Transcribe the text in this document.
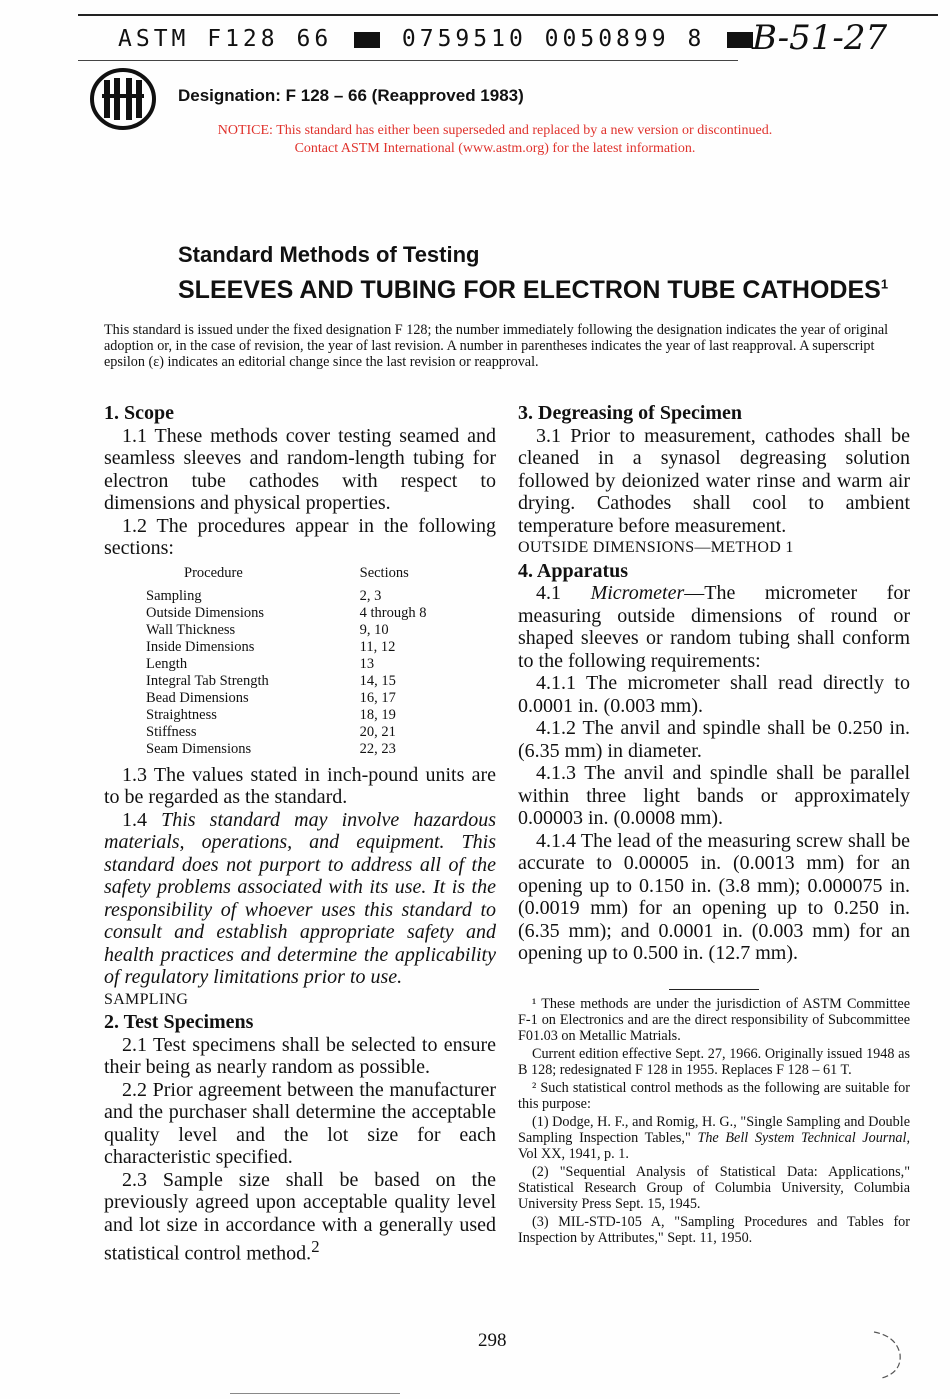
ASTM F128 66	0759510 0050899 8	B-51-27
Designation: F 128 – 66 (Reapproved 1983)
NOTICE: This standard has either been superseded and replaced by a new version or discontinued.
Contact ASTM International (www.astm.org) for the latest information.
Standard Methods of Testing
SLEEVES AND TUBING FOR ELECTRON TUBE CATHODES$^1$
This standard is issued under the fixed designation F 128; the number immediately following the designation indicates the year of original adoption or, in the case of revision, the year of last revision. A number in parentheses indicates the year of last reapproval. A superscript epsilon (ε) indicates an editorial change since the last revision or reapproval.

1. Scope

1.1 These methods cover testing seamed and seamless sleeves and random-length tubing for electron tube cathodes with respect to dimensions and physical properties.

1.2 The procedures appear in the following sections:

Procedure	Sections
Sampling	2, 3
Outside Dimensions	4 through 8
Wall Thickness	9, 10
Inside Dimensions	11, 12
Length	13
Integral Tab Strength	14, 15
Bead Dimensions	16, 17
Straightness	18, 19
Stiffness	20, 21
Seam Dimensions	22, 23

1.3 The values stated in inch-pound units are to be regarded as the standard.

1.4 This standard may involve hazardous materials, operations, and equipment. This standard does not purport to address all of the safety problems associated with its use. It is the responsibility of whoever uses this standard to consult and establish appropriate safety and health practices and determine the applicability of regulatory limitations prior to use.

SAMPLING

2. Test Specimens

2.1 Test specimens shall be selected to ensure their being as nearly random as possible.

2.2 Prior agreement between the manufacturer and the purchaser shall determine the acceptable quality level and the lot size for each characteristic specified.

2.3 Sample size shall be based on the previously agreed upon acceptable quality level and lot size in accordance with a generally used statistical control method.$^2$

3. Degreasing of Specimen

3.1 Prior to measurement, cathodes shall be cleaned in a synasol degreasing solution followed by deionized water rinse and warm air drying. Cathodes shall cool to ambient temperature before measurement.

OUTSIDE DIMENSIONS—METHOD 1

4. Apparatus

4.1 Micrometer—The micrometer for measuring outside dimensions of round or shaped sleeves or random tubing shall conform to the following requirements:

4.1.1 The micrometer shall read directly to 0.0001 in. (0.003 mm).

4.1.2 The anvil and spindle shall be 0.250 in. (6.35 mm) in diameter.

4.1.3 The anvil and spindle shall be parallel within three light bands or approximately 0.00003 in. (0.0008 mm).

4.1.4 The lead of the measuring screw shall be accurate to 0.00005 in. (0.0013 mm) for an opening up to 0.150 in. (3.8 mm); 0.000075 in. (0.0019 mm) for an opening up to 0.250 in. (6.35 mm); and 0.0001 in. (0.003 mm) for an opening up to 0.500 in. (12.7 mm).

¹ These methods are under the jurisdiction of ASTM Committee F-1 on Electronics and are the direct responsibility of Subcommittee F01.03 on Metallic Matrials.

Current edition effective Sept. 27, 1966. Originally issued 1948 as B 128; redesignated F 128 in 1955. Replaces F 128 – 61 T.

² Such statistical control methods as the following are suitable for this purpose:

(1) Dodge, H. F., and Romig, H. G., "Single Sampling and Double Sampling Inspection Tables," The Bell System Technical Journal, Vol XX, 1941, p. 1.

(2) "Sequential Analysis of Statistical Data: Applications," Statistical Research Group of Columbia University, Columbia University Press Sept. 15, 1945.

(3) MIL-STD-105 A, "Sampling Procedures and Tables for Inspection by Attributes," Sept. 11, 1950.

298
